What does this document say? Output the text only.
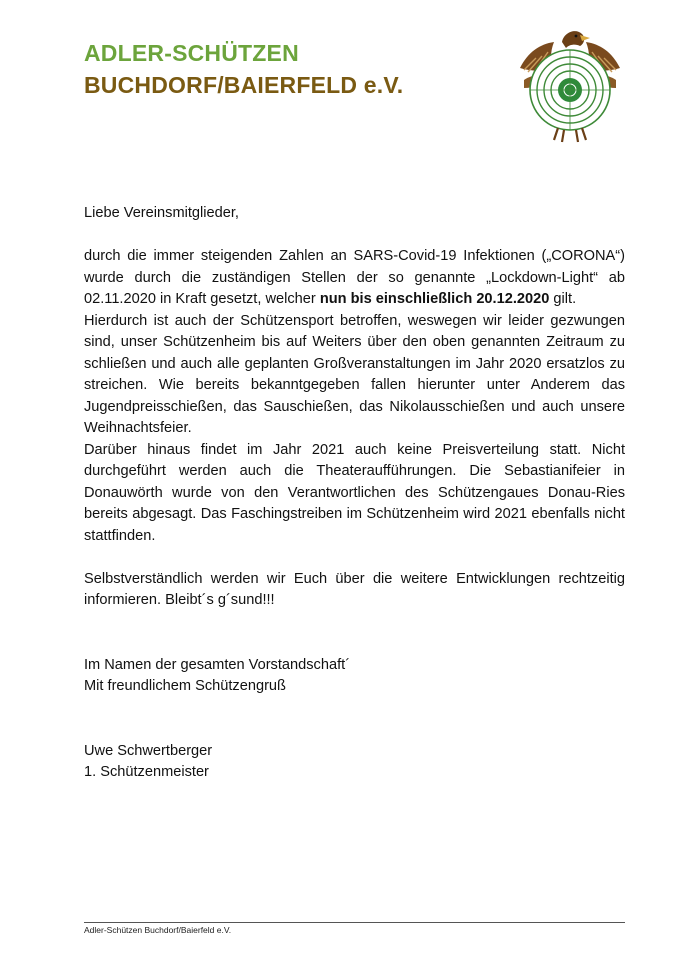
ADLER-SCHÜTZEN
BUCHDORF/BAIERFELD e.V.

Liebe Vereinsmitglieder,

durch die immer steigenden Zahlen an SARS-Covid-19 Infektionen („CORONA“) wurde durch die zuständigen Stellen der so genannte „Lockdown-Light“ ab 02.11.2020 in Kraft gesetzt, welcher nun bis einschließlich 20.12.2020 gilt.

Hierdurch ist auch der Schützensport betroffen, weswegen wir leider gezwungen sind, unser Schützenheim bis auf Weiters über den oben genannten Zeitraum zu schließen und auch alle geplanten Großveranstaltungen im Jahr 2020 ersatzlos zu streichen. Wie bereits bekanntgegeben fallen hierunter unter Anderem das Jugendpreisschießen, das Sauschießen, das Nikolausschießen und auch unsere Weihnachtsfeier.

Darüber hinaus findet im Jahr 2021 auch keine Preisverteilung statt. Nicht durchgeführt werden auch die Theateraufführungen. Die Sebastianifeier in Donauwörth wurde von den Verantwortlichen des Schützengaues Donau-Ries bereits abgesagt. Das Faschingstreiben im Schützenheim wird 2021 ebenfalls nicht stattfinden.

Selbstverständlich werden wir Euch über die weitere Entwicklungen rechtzeitig informieren. Bleibt´s g´sund!!!

Im Namen der gesamten Vorstandschaft´

Mit freundlichem Schützengruß

Uwe Schwertberger

1. Schützenmeister

Adler-Schützen Buchdorf/Baierfeld e.V.
